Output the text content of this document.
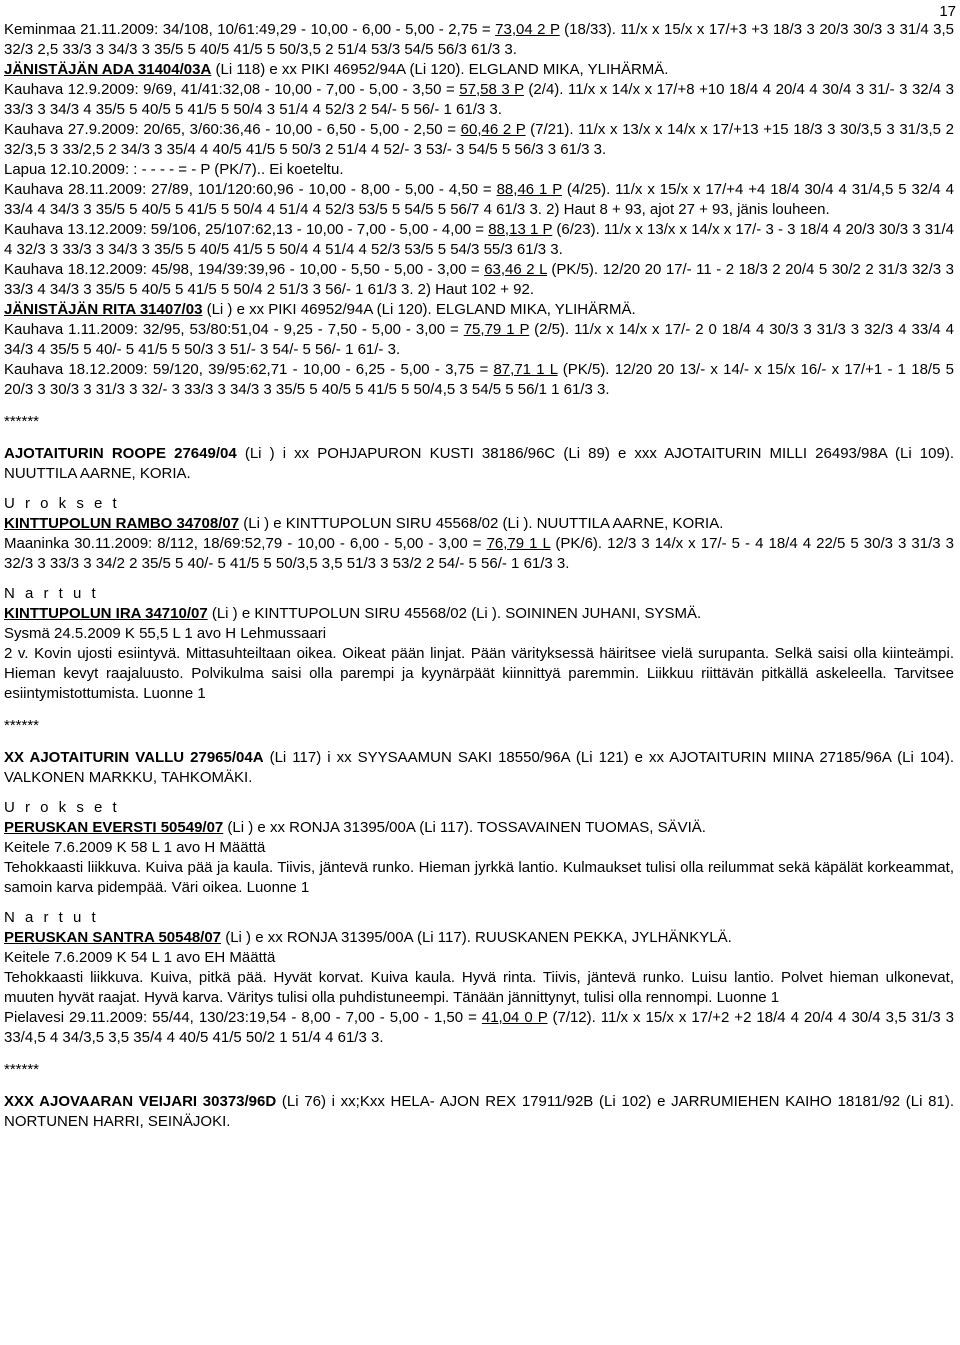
17

Keminmaa 21.11.2009: 34/108, 10/61:49,29 - 10,00 - 6,00 - 5,00 - 2,75 = 73,04 2 P (18/33). 11/x x 15/x x 17/+3 +3 18/3 3 20/3 30/3 3 31/4 3,5 32/3 2,5 33/3 3 34/3 3 35/5 5 40/5 41/5 5 50/3,5 2 51/4 53/3 54/5 56/3 61/3 3.

JÄNISTÄJÄN ADA 31404/03A (Li 118) e xx PIKI 46952/94A (Li 120). ELGLAND MIKA, YLIHÄRMÄ.

Kauhava 12.9.2009: 9/69, 41/41:32,08 - 10,00 - 7,00 - 5,00 - 3,50 = 57,58 3 P (2/4). 11/x x 14/x x 17/+8 +10 18/4 4 20/4 4 30/4 3 31/- 3 32/4 3 33/3 3 34/3 4 35/5 5 40/5 5 41/5 5 50/4 3 51/4 4 52/3 2 54/- 5 56/- 1 61/3 3.

Kauhava 27.9.2009: 20/65, 3/60:36,46 - 10,00 - 6,50 - 5,00 - 2,50 = 60,46 2 P (7/21). 11/x x 13/x x 14/x x 17/+13 +15 18/3 3 30/3,5 3 31/3,5 2 32/3,5 3 33/2,5 2 34/3 3 35/4 4 40/5 41/5 5 50/3 2 51/4 4 52/- 3 53/- 3 54/5 5 56/3 3 61/3 3.

Lapua 12.10.2009: : - - - - = - P (PK/7).. Ei koeteltu.

Kauhava 28.11.2009: 27/89, 101/120:60,96 - 10,00 - 8,00 - 5,00 - 4,50 = 88,46 1 P (4/25). 11/x x 15/x x 17/+4 +4 18/4 30/4 4 31/4,5 5 32/4 4 33/4 4 34/3 3 35/5 5 40/5 5 41/5 5 50/4 4 51/4 4 52/3 53/5 5 54/5 5 56/7 4 61/3 3. 2) Haut 8 + 93, ajot 27 + 93, jänis louheen.

Kauhava 13.12.2009: 59/106, 25/107:62,13 - 10,00 - 7,00 - 5,00 - 4,00 = 88,13 1 P (6/23). 11/x x 13/x x 14/x x 17/- 3 - 3 18/4 4 20/3 30/3 3 31/4 4 32/3 3 33/3 3 34/3 3 35/5 5 40/5 41/5 5 50/4 4 51/4 4 52/3 53/5 5 54/3 55/3 61/3 3.

Kauhava 18.12.2009: 45/98, 194/39:39,96 - 10,00 - 5,50 - 5,00 - 3,00 = 63,46 2 L (PK/5). 12/20 20 17/- 11 - 2 18/3 2 20/4 5 30/2 2 31/3 32/3 3 33/3 4 34/3 3 35/5 5 40/5 5 41/5 5 50/4 2 51/3 3 56/- 1 61/3 3. 2) Haut 102 + 92.

JÄNISTÄJÄN RITA 31407/03 (Li ) e xx PIKI 46952/94A (Li 120). ELGLAND MIKA, YLIHÄRMÄ.

Kauhava 1.11.2009: 32/95, 53/80:51,04 - 9,25 - 7,50 - 5,00 - 3,00 = 75,79 1 P (2/5). 11/x x 14/x x 17/- 2 0 18/4 4 30/3 3 31/3 3 32/3 4 33/4 4 34/3 4 35/5 5 40/- 5 41/5 5 50/3 3 51/- 3 54/- 5 56/- 1 61/- 3.

Kauhava 18.12.2009: 59/120, 39/95:62,71 - 10,00 - 6,25 - 5,00 - 3,75 = 87,71 1 L (PK/5). 12/20 20 13/- x 14/- x 15/x 16/- x 17/+1 - 1 18/5 5 20/3 3 30/3 3 31/3 3 32/- 3 33/3 3 34/3 3 35/5 5 40/5 5 41/5 5 50/4,5 3 54/5 5 56/1 1 61/3 3.

******

AJOTAITURIN ROOPE 27649/04 (Li ) i xx POHJAPURON KUSTI 38186/96C (Li 89) e xxx AJOTAITURIN MILLI 26493/98A (Li 109). NUUTTILA AARNE, KORIA.

U r o k s e t

KINTTUPOLUN RAMBO 34708/07 (Li ) e KINTTUPOLUN SIRU 45568/02 (Li ). NUUTTILA AARNE, KORIA.

Maaninka 30.11.2009: 8/112, 18/69:52,79 - 10,00 - 6,00 - 5,00 - 3,00 = 76,79 1 L (PK/6). 12/3 3 14/x x 17/- 5 - 4 18/4 4 22/5 5 30/3 3 31/3 3 32/3 3 33/3 3 34/2 2 35/5 5 40/- 5 41/5 5 50/3,5 3,5 51/3 3 53/2 2 54/- 5 56/- 1 61/3 3.

N a r t u t

KINTTUPOLUN IRA 34710/07 (Li ) e KINTTUPOLUN SIRU 45568/02 (Li ). SOININEN JUHANI, SYSMÄ.

Sysmä 24.5.2009 K 55,5 L 1 avo H Lehmussaari

2 v. Kovin ujosti esiintyvä. Mittasuhteiltaan oikea. Oikeat pään linjat. Pään väritykse​ssä häiritsee vielä surupanta. Selkä saisi olla kiinteämpi. Hieman kevyt raajaluusto. Polvikulma saisi olla parempi ja kyynärpäät kiinnittyä paremmin. Liikkuu riittävän pitkällä askeleella. Tarvitsee esiintymistottumista. Luonne 1

******

XX AJOTAITURIN VALLU 27965/04A (Li 117) i xx SYYSAAMUN SAKI 18550/96A (Li 121) e xx AJOTAITURIN MIINA 27185/96A (Li 104). VALKONEN MARKKU, TAHKOMÄKI.

U r o k s e t

PERUSKAN EVERSTI 50549/07 (Li ) e xx RONJA 31395/00A (Li 117). TOSSAVAINEN TUOMAS, SÄVIÄ.

Keitele 7.6.2009 K 58 L 1 avo H Määttä

Tehokkaasti liikkuva. Kuiva pää ja kaula. Tiivis, jäntevä runko. Hieman jyrkkä lantio. Kulmaukset tulisi olla reilummat sekä käpälät korkeammat, samoin karva pidempää. Väri oikea. Luonne 1

N a r t u t

PERUSKAN SANTRA 50548/07 (Li ) e xx RONJA 31395/00A (Li 117). RUUSKANEN PEKKA, JYLHÄNKYLÄ.

Keitele 7.6.2009 K 54 L 1 avo EH Määttä

Tehokkaasti liikkuva. Kuiva, pitkä pää. Hyvät korvat. Kuiva kaula. Hyvä rinta. Tiivis, jäntevä runko. Luisu lantio. Polvet hieman ulkonevat, muuten hyvät raajat. Hyvä karva. Väritys tulisi olla puhdistuneempi. Tänään jännittynyt, tulisi olla rennompi. Luonne 1

Pielavesi 29.11.2009: 55/44, 130/23:19,54 - 8,00 - 7,00 - 5,00 - 1,50 = 41,04 0 P (7/12). 11/x x 15/x x 17/+2 +2 18/4 4 20/4 4 30/4 3,5 31/3 3 33/4,5 4 34/3,5 3,5 35/4 4 40/5 41/5 50/2 1 51/4 4 61/3 3.

******

XXX AJOVAARAN VEIJARI 30373/96D (Li 76) i xx;Kxx HELA- AJON REX 17911/92B (Li 102) e JARRUMIEHEN KAIHO 18181/92 (Li 81). NORTUNEN HARRI, SEINÄJOKI.
